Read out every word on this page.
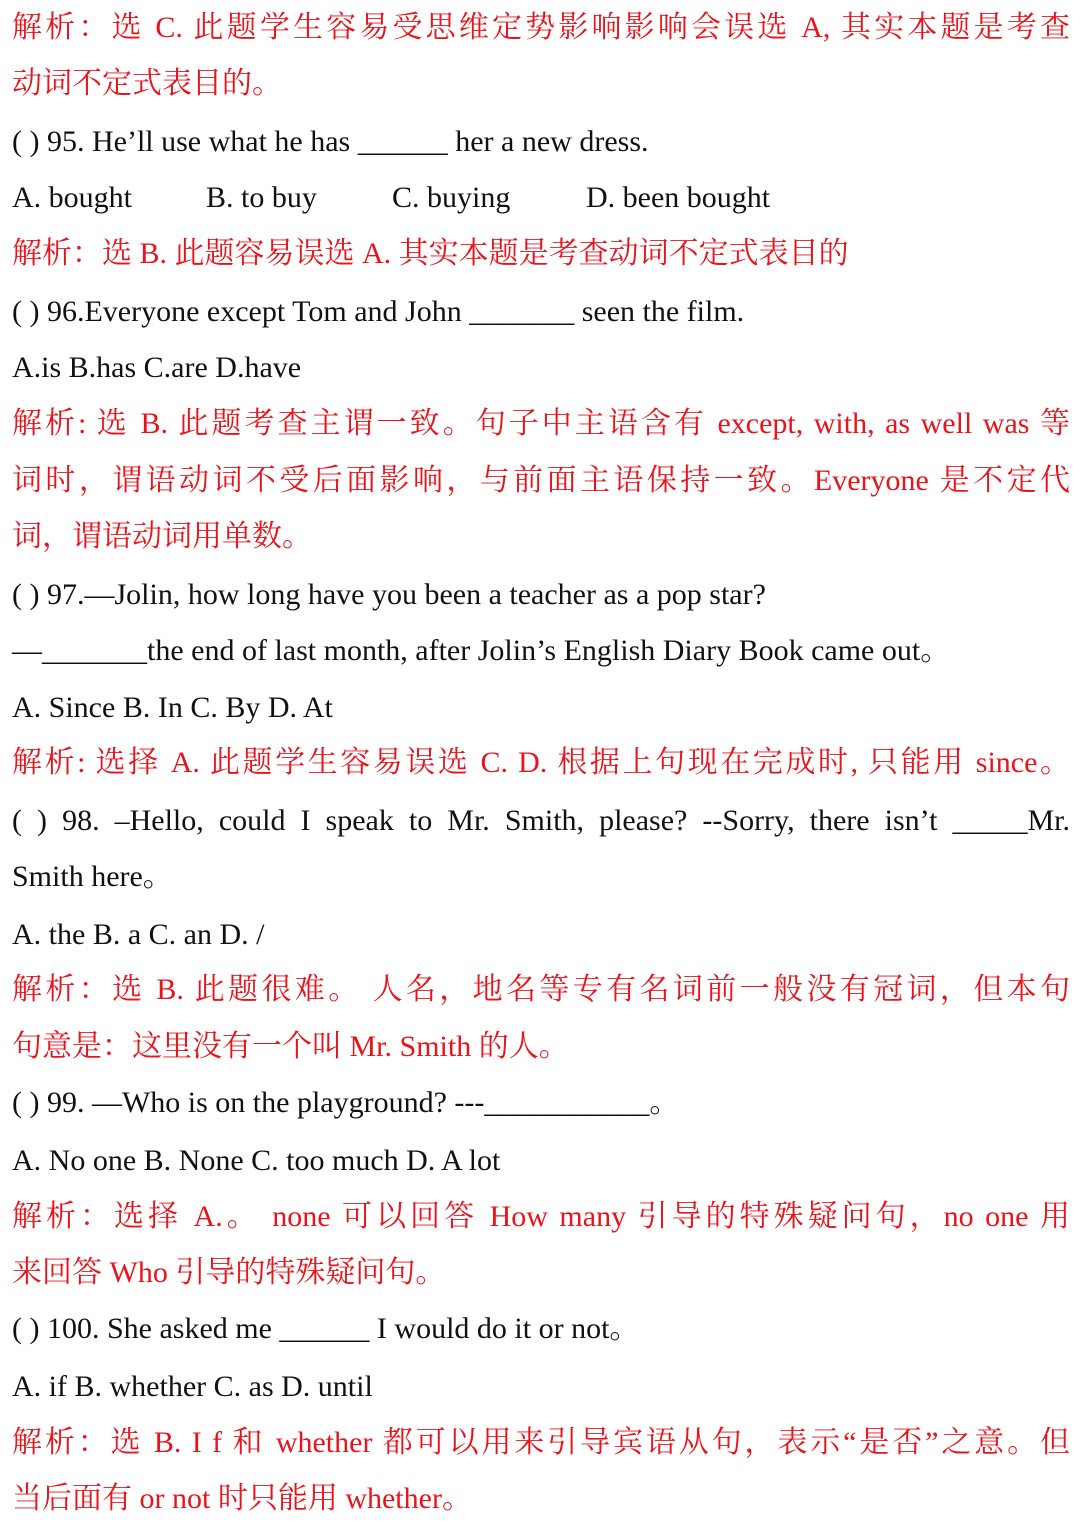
解析：选 C. 此题学生容易受思维定势影响影响会误选 A, 其实本题是考查
动词不定式表目的。
( ) 95. He’ll use what he has ______ her a new dress.
A. bought B. to buy	C. buying	D. been bought
解析：选 B. 此题容易误选 A. 其实本题是考查动词不定式表目的
( ) 96.Everyone except Tom and John _______ seen the film.
A.is B.has C.are D.have
解析: 选 B. 此题考查主谓一致。句子中主语含有 except, with, as well was 等
词时，谓语动词不受后面影响，与前面主语保持一致。Everyone 是不定代
词，谓语动词用单数。
( ) 97.—Jolin, how long have you been a teacher as a pop star?
—_______the end of last month, after Jolin’s English Diary Book came out。
A. Since B. In C. By D. At
解析: 选择 A. 此题学生容易误选 C. D. 根据上句现在完成时, 只能用 since。
( ) 98. –Hello, could I speak to Mr. Smith, please? --Sorry, there isn’t _____Mr.
Smith here。
A. the B. a C. an D. /
解析：选 B. 此题很难。 人名，地名等专有名词前一般没有冠词，但本句
句意是：这里没有一个叫 Mr. Smith 的人。
( ) 99. —Who is on the playground? ---___________。
A. No one B. None C. too much D. A lot
解析：选择 A.。 none 可以回答 How many 引导的特殊疑问句，no one 用
来回答 Who 引导的特殊疑问句。
( ) 100. She asked me ______ I would do it or not。
A. if B. whether C. as D. until
解析：选 B. I f 和 whether 都可以用来引导宾语从句，表示“是否”之意。但
当后面有 or not 时只能用 whether。
